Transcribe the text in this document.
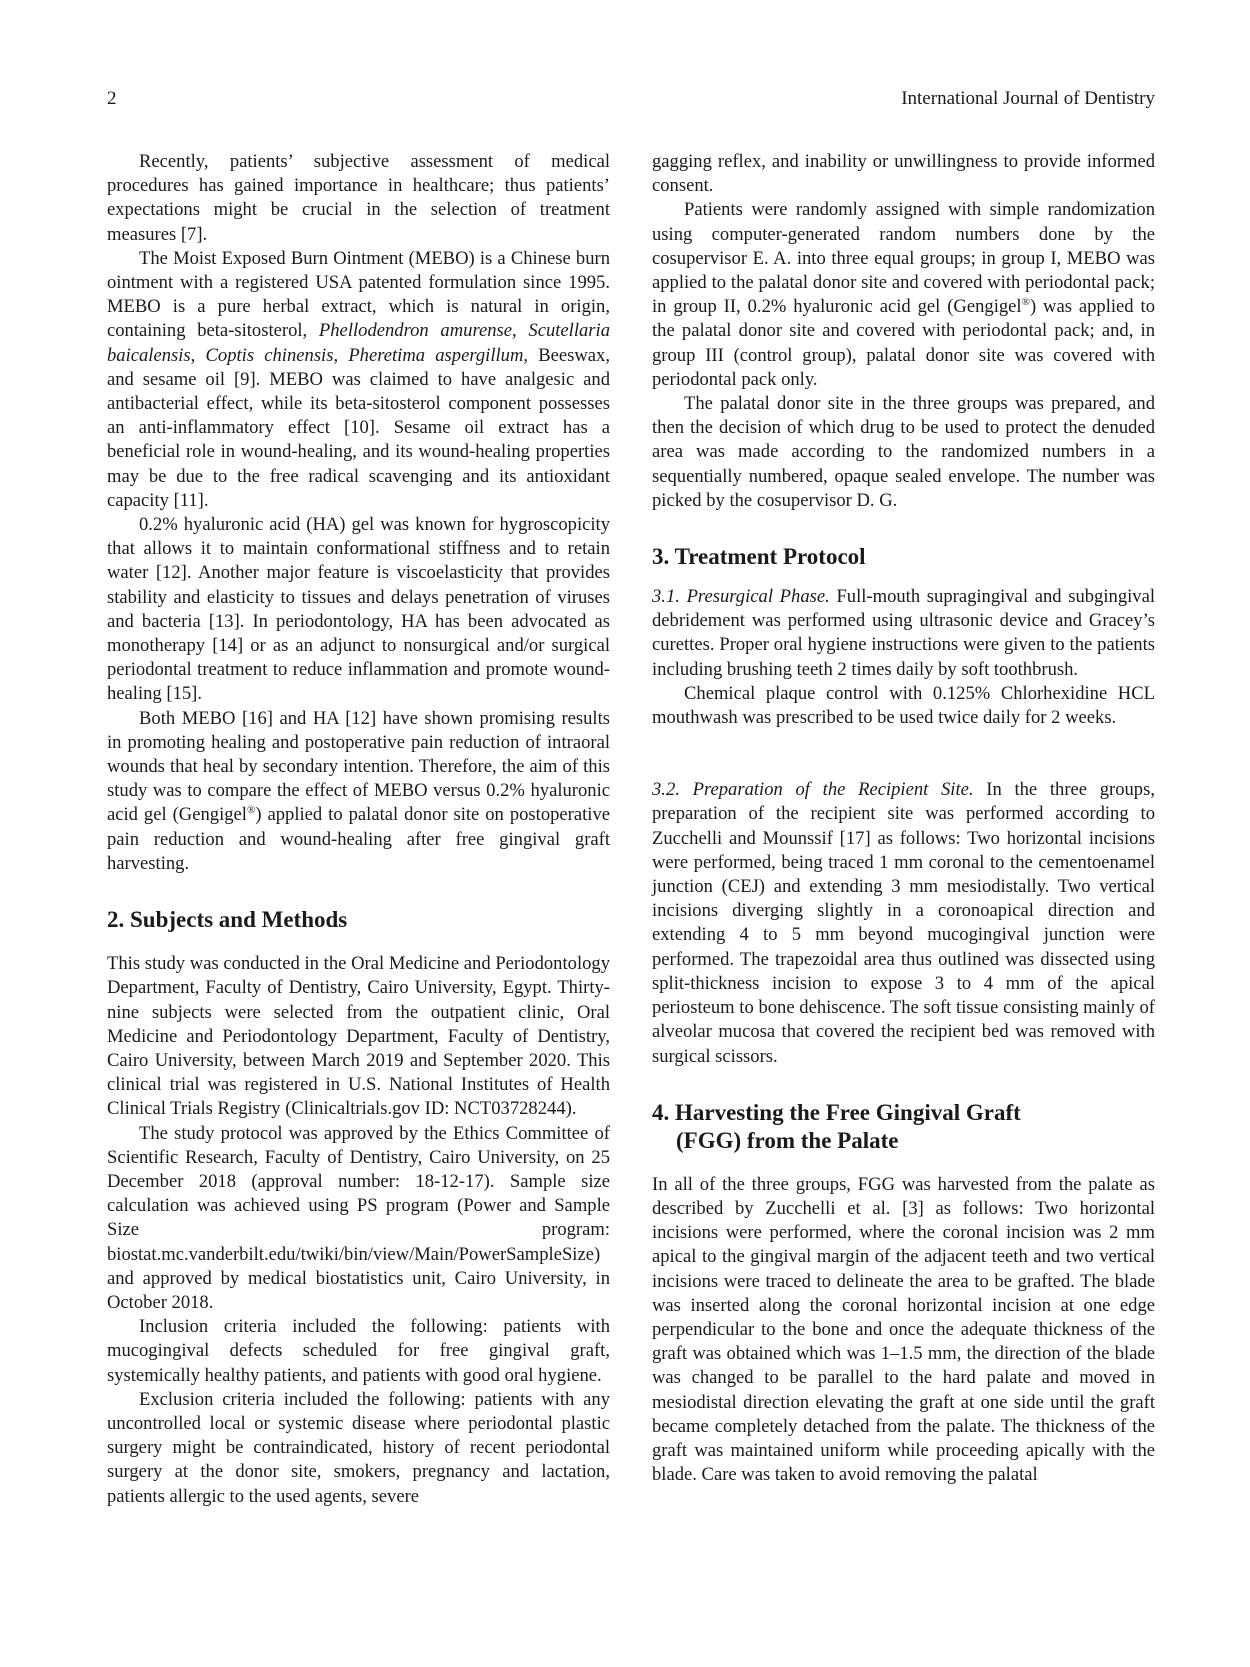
2	International Journal of Dentistry

Recently, patients’ subjective assessment of medical procedures has gained importance in healthcare; thus patients’ expectations might be crucial in the selection of treatment measures [7].

The Moist Exposed Burn Ointment (MEBO) is a Chinese burn ointment with a registered USA patented formulation since 1995. MEBO is a pure herbal extract, which is natural in origin, containing beta-sitosterol, Phellodendron amurense, Scutellaria baicalensis, Coptis chinensis, Pheretima aspergillum, Beeswax, and sesame oil [9]. MEBO was claimed to have analgesic and antibacterial effect, while its beta-sitosterol component possesses an anti-inflammatory effect [10]. Sesame oil extract has a beneficial role in wound-healing, and its wound-healing properties may be due to the free radical scavenging and its antioxidant capacity [11].

0.2% hyaluronic acid (HA) gel was known for hygroscopicity that allows it to maintain conformational stiffness and to retain water [12]. Another major feature is viscoelasticity that provides stability and elasticity to tissues and delays penetration of viruses and bacteria [13]. In periodontology, HA has been advocated as monotherapy [14] or as an adjunct to nonsurgical and/or surgical periodontal treatment to reduce inflammation and promote wound-healing [15].

Both MEBO [16] and HA [12] have shown promising results in promoting healing and postoperative pain reduction of intraoral wounds that heal by secondary intention. Therefore, the aim of this study was to compare the effect of MEBO versus 0.2% hyaluronic acid gel (Gengigel®) applied to palatal donor site on postoperative pain reduction and wound-healing after free gingival graft harvesting.

2. Subjects and Methods

This study was conducted in the Oral Medicine and Periodontology Department, Faculty of Dentistry, Cairo University, Egypt. Thirty-nine subjects were selected from the outpatient clinic, Oral Medicine and Periodontology Department, Faculty of Dentistry, Cairo University, between March 2019 and September 2020. This clinical trial was registered in U.S. National Institutes of Health Clinical Trials Registry (Clinicaltrials.gov ID: NCT03728244).

The study protocol was approved by the Ethics Committee of Scientific Research, Faculty of Dentistry, Cairo University, on 25 December 2018 (approval number: 18-12-17). Sample size calculation was achieved using PS program (Power and Sample Size program: biostat.mc.vanderbilt.edu/twiki/bin/view/Main/PowerSampleSize) and approved by medical biostatistics unit, Cairo University, in October 2018.

Inclusion criteria included the following: patients with mucogingival defects scheduled for free gingival graft, systemically healthy patients, and patients with good oral hygiene.

Exclusion criteria included the following: patients with any uncontrolled local or systemic disease where periodontal plastic surgery might be contraindicated, history of recent periodontal surgery at the donor site, smokers, pregnancy and lactation, patients allergic to the used agents, severe

gagging reflex, and inability or unwillingness to provide informed consent.

Patients were randomly assigned with simple randomization using computer-generated random numbers done by the cosupervisor E. A. into three equal groups; in group I, MEBO was applied to the palatal donor site and covered with periodontal pack; in group II, 0.2% hyaluronic acid gel (Gengigel®) was applied to the palatal donor site and covered with periodontal pack; and, in group III (control group), palatal donor site was covered with periodontal pack only.

The palatal donor site in the three groups was prepared, and then the decision of which drug to be used to protect the denuded area was made according to the randomized numbers in a sequentially numbered, opaque sealed envelope. The number was picked by the cosupervisor D. G.

3. Treatment Protocol

3.1. Presurgical Phase. Full-mouth supragingival and subgingival debridement was performed using ultrasonic device and Gracey’s curettes. Proper oral hygiene instructions were given to the patients including brushing teeth 2 times daily by soft toothbrush.

Chemical plaque control with 0.125% Chlorhexidine HCL mouthwash was prescribed to be used twice daily for 2 weeks.

3.2. Preparation of the Recipient Site. In the three groups, preparation of the recipient site was performed according to Zucchelli and Mounssif [17] as follows: Two horizontal incisions were performed, being traced 1 mm coronal to the cementoenamel junction (CEJ) and extending 3 mm mesiodistally. Two vertical incisions diverging slightly in a coronoapical direction and extending 4 to 5 mm beyond mucogingival junction were performed. The trapezoidal area thus outlined was dissected using split-thickness incision to expose 3 to 4 mm of the apical periosteum to bone dehiscence. The soft tissue consisting mainly of alveolar mucosa that covered the recipient bed was removed with surgical scissors.

4. Harvesting the Free Gingival Graft
(FGG) from the Palate

In all of the three groups, FGG was harvested from the palate as described by Zucchelli et al. [3] as follows: Two horizontal incisions were performed, where the coronal incision was 2 mm apical to the gingival margin of the adjacent teeth and two vertical incisions were traced to delineate the area to be grafted. The blade was inserted along the coronal horizontal incision at one edge perpendicular to the bone and once the adequate thickness of the graft was obtained which was 1–1.5 mm, the direction of the blade was changed to be parallel to the hard palate and moved in mesiodistal direction elevating the graft at one side until the graft became completely detached from the palate. The thickness of the graft was maintained uniform while proceeding apically with the blade. Care was taken to avoid removing the palatal
